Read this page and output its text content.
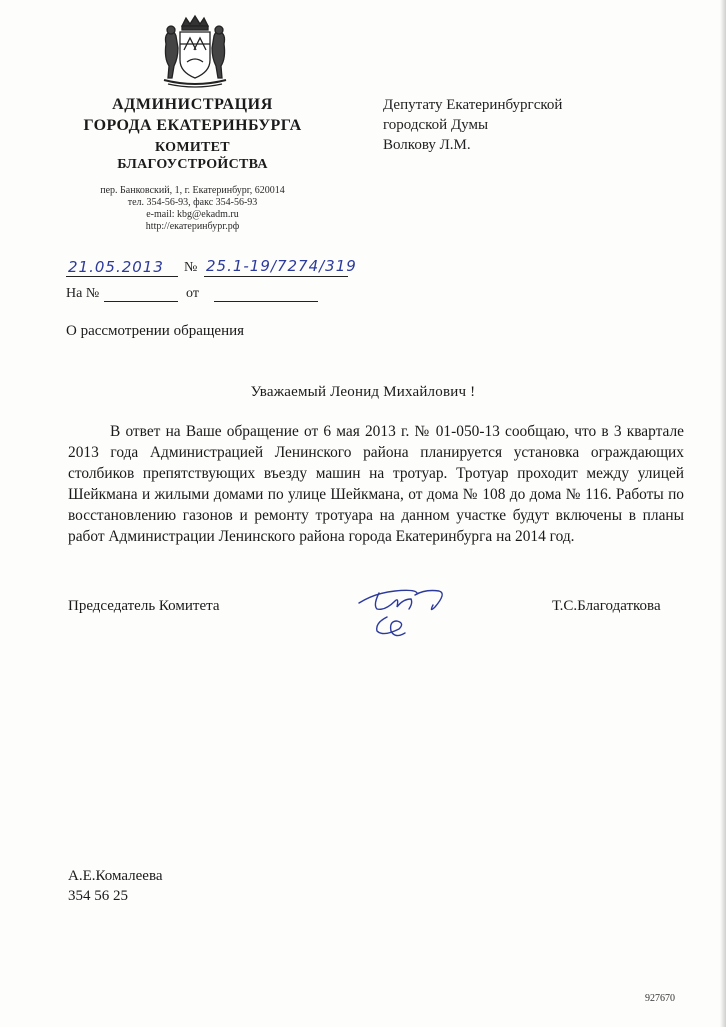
АДМИНИСТРАЦИЯ
ГОРОДА ЕКАТЕРИНБУРГА
КОМИТЕТ
БЛАГОУСТРОЙСТВА
пер. Банковский, 1, г. Екатеринбург, 620014
тел. 354-56-93, факс 354-56-93
e-mail: kbg@ekadm.ru
http://екатеринбург.рф
Депутату Екатеринбургской
городской Думы
Волкову Л.М.
21.05.2013 № 25.1-19/7274/319
На №	от
О рассмотрении обращения
Уважаемый Леонид Михайлович !
В ответ на Ваше обращение от 6 мая 2013 г. № 01-050-13 сообщаю, что в 3 квартале 2013 года Администрацией Ленинского района планируется установка ограждающих столбиков препятствующих въезду машин на тротуар. Тротуар проходит между улицей Шейкмана и жилыми домами по улице Шейкмана, от дома № 108 до дома № 116. Работы по восстановлению газонов и ремонту тротуара на данном участке будут включены в планы работ Администрации Ленинского района города Екатеринбурга на 2014 год.
Председатель Комитета	Т.С.Благодаткова
А.Е.Комалеева
354 56 25
927670
